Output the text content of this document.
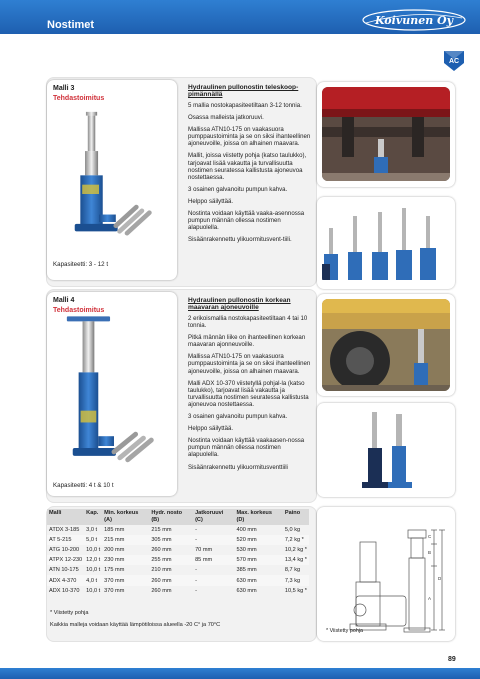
Nostimet	Koivunen Oy
AC
Malli 3
Tehdastoimitus
Kapasiteetti: 3 - 12 t
Hydraulinen pullonostin teleskoop-pimännällä

5 mallia nostokapasiteetiltaan 3-12 tonnia.

Osassa malleista jatkoruuvi.

Mallissa ATN10-175 on vaakasuora pumppaustoiminta ja se on siksi ihanteellinen ajoneuvoille, joissa on alhainen maavara.

Mallit, joissa viistetty pohja (katso taulukko), tarjoavat lisää vakautta ja turvallisuutta nostimen seuratessa kallistusta ajoneuvoa nostettaessa.

3 osainen galvanoitu pumpun kahva.

Helppo säilyttää.

Nostinta voidaan käyttää vaaka-asennossa pumpun männän ollessa nostimen alapuolella.

Sisäänrakennettu ylikuormitusvent-tiili.

Malli 4
Tehdastoimitus
Kapasiteetti: 4 t & 10 t
Hydraulinen pullonostin korkean maavaran ajoneuvoille

2 erikoismallia nostokapasiteetiltaan 4 tai 10 tonnia.

Pitkä männän liike on ihanteellinen korkean maavaran ajonneuvoille.

Mallissa ATN10-175 on vaakasuora pumppaustoiminta ja se on siksi ihanteellinen ajoneuvoille, joissa on alhainen maavara.

Malli ADX 10-370 viistetyllä pohjal-la (katso taulukko), tarjoavat lisää vakautta ja turvallisuutta nostimen seuratessa kallistusta ajoneuvoa nostettaessa.

3 osainen galvanoitu pumpun kahva.

Helppo säilyttää.

Nostinta voidaan käyttää vaakaasen-nossa pumpun männän ollessa nostimen alapuolella.

Sisäänrakennettu ylikuormitusventtiili

Malli	Kap.	Min. korkeus (A)	Hydr. nosto (B)	Jatkoruuvi (C)	Max. korkeus (D)	Paino
ATDX 3-185	3,0 t	185 mm	215 mm	-	400 mm	5,0 kg
AT 5-215	5,0 t	215 mm	305 mm	-	520 mm	7,2 kg *
ATG 10-200	10,0 t	200 mm	260 mm	70 mm	530 mm	10,2 kg *
ATPX 12-230	12,0 t	230 mm	255 mm	85 mm	570 mm	13,4 kg *
ATN 10-175	10,0 t	175 mm	210 mm	-	385 mm	8,7 kg
ADX 4-370	4,0 t	370 mm	260 mm	-	630 mm	7,3 kg
ADX 10-370	10,0 t	370 mm	260 mm	-	630 mm	10,5 kg *
* Viistetty pohja
Kaikkia malleja voidaan käyttää lämpötiloissa alueella -20 C° ja 70°C
C
B
D
A
* Viistetty pohja
89
